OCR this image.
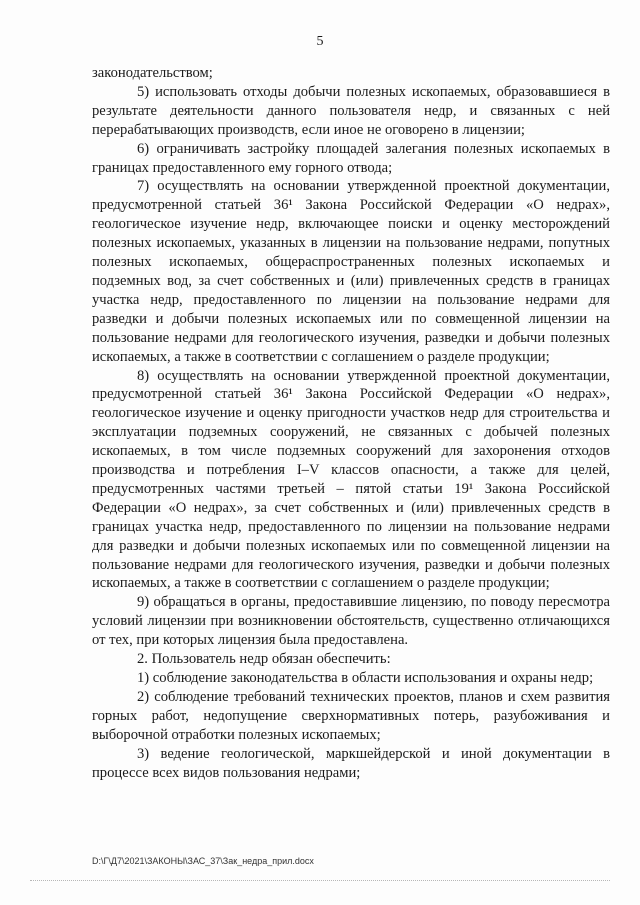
5

законодательством;

5) использовать отходы добычи полезных ископаемых, образовавшиеся в результате деятельности данного пользователя недр, и связанных с ней перерабатывающих производств, если иное не оговорено в лицензии;

6) ограничивать застройку площадей залегания полезных ископаемых в границах предоставленного ему горного отвода;

7) осуществлять на основании утвержденной проектной документации, предусмотренной статьей 36¹ Закона Российской Федерации «О недрах», геологическое изучение недр, включающее поиски и оценку месторождений полезных ископаемых, указанных в лицензии на пользование недрами, попутных полезных ископаемых, общераспространенных полезных ископаемых и подземных вод, за счет собственных и (или) привлеченных средств в границах участка недр, предоставленного по лицензии на пользование недрами для разведки и добычи полезных ископаемых или по совмещенной лицензии на пользование недрами для геологического изучения, разведки и добычи полезных ископаемых, а также в соответствии с соглашением о разделе продукции;

8) осуществлять на основании утвержденной проектной документации, предусмотренной статьей 36¹ Закона Российской Федерации «О недрах», геологическое изучение и оценку пригодности участков недр для строительства и эксплуатации подземных сооружений, не связанных с добычей полезных ископаемых, в том числе подземных сооружений для захоронения отходов производства и потребления I–V классов опасности, а также для целей, предусмотренных частями третьей – пятой статьи 19¹ Закона Российской Федерации «О недрах», за счет собственных и (или) привлеченных средств в границах участка недр, предоставленного по лицензии на пользование недрами для разведки и добычи полезных ископаемых или по совмещенной лицензии на пользование недрами для геологического изучения, разведки и добычи полезных ископаемых, а также в соответствии с соглашением о разделе продукции;

9) обращаться в органы, предоставившие лицензию, по поводу пересмотра условий лицензии при возникновении обстоятельств, существенно отличающихся от тех, при которых лицензия была предоставлена.

2. Пользователь недр обязан обеспечить:

1) соблюдение законодательства в области использования и охраны недр;

2) соблюдение требований технических проектов, планов и схем развития горных работ, недопущение сверхнормативных потерь, разубоживания и выборочной отработки полезных ископаемых;

3) ведение геологической, маркшейдерской и иной документации в процессе всех видов пользования недрами;

D:\Г\Д7\2021\ЗАКОНЫ\ЗАС_37\Зак_недра_прил.docx
